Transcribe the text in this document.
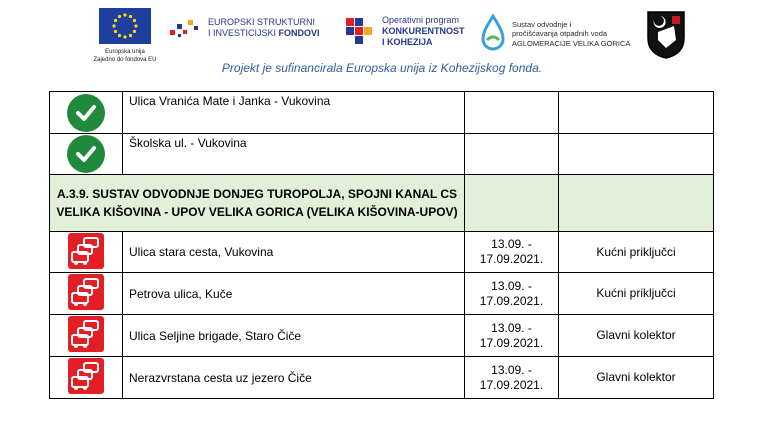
Europska unija
Zajedno do fondova EU
EUROPSKI STRUKTURNI
I INVESTICIJSKI FONDOVI
Operativni program
KONKURENTNOST
I KOHEZIJA
Sustav odvodnje i
pročišćavanja otpadnih voda
AGLOMERACIJE VELIKA GORICA
Projekt je sufinancirala Europska unija iz Kohezijskog fonda.
	Ulica Vranića Mate i Janka - Vukovina		

	Školska ul. - Vukovina		
A.3.9. SUSTAV ODVODNJE DONJEG TUROPOLJA, SPOJNI KANAL CS VELIKA KIŠOVINA - UPOV VELIKA GORICA (VELIKA KIŠOVINA-UPOV)			
	Ulica stara cesta, Vukovina	13.09. -
17.09.2021.	Kućni priključci
	Petrova ulica, Kuče	13.09. -
17.09.2021.	Kućni priključci
	Ulica Seljine brigade, Staro Čiče	13.09. -
17.09.2021.	Glavni kolektor
	Nerazvrstana cesta uz jezero Čiče	13.09. -
17.09.2021.	Glavni kolektor
